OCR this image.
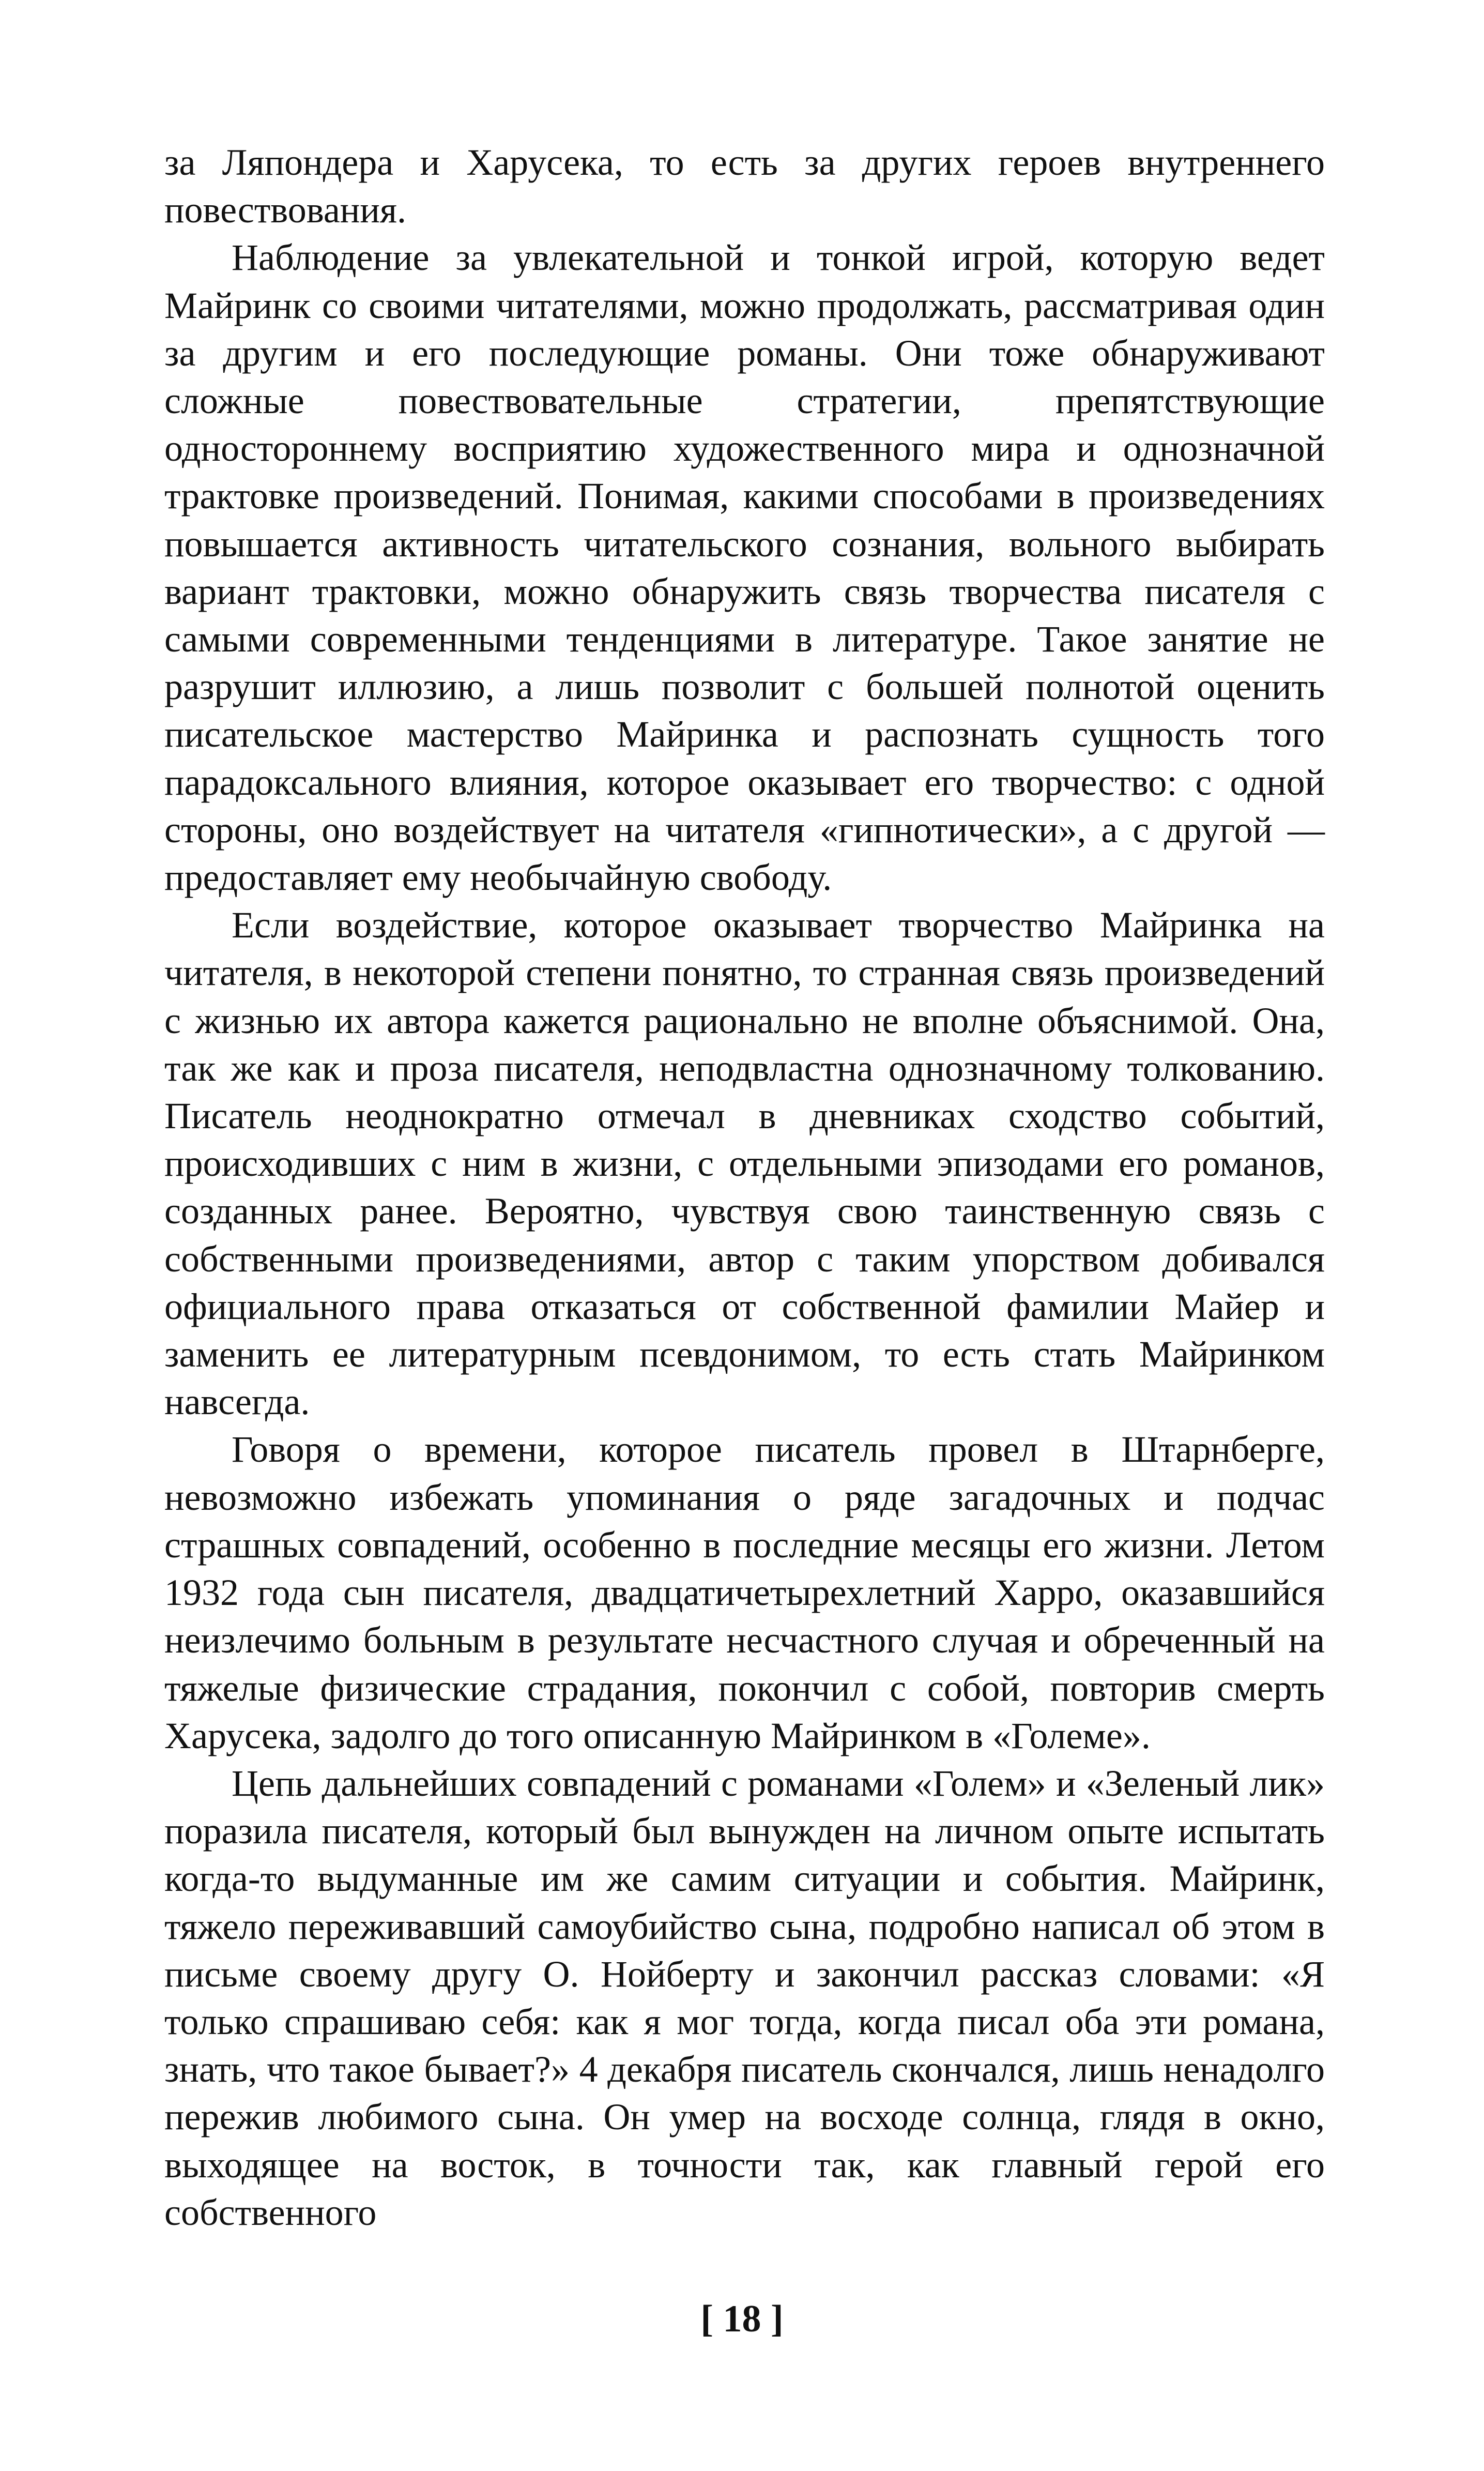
за Ляпондера и Харусека, то есть за других героев внутреннего повествования.

Наблюдение за увлекательной и тонкой игрой, которую ведет Майринк со своими читателями, можно продолжать, рассматривая один за другим и его последующие романы. Они тоже обнаруживают сложные повествовательные стратегии, препятствующие одностороннему восприятию художественного мира и однозначной трактовке произведений. Понимая, какими способами в произведениях повышается активность читательского сознания, вольного выбирать вариант трактовки, можно обнаружить связь творчества писателя с самыми современными тенденциями в литературе. Такое занятие не разрушит иллюзию, а лишь позволит с большей полнотой оценить писательское мастерство Майринка и распознать сущность того парадоксального влияния, которое оказывает его творчество: с одной стороны, оно воздействует на читателя «гипнотически», а с другой — предоставляет ему необычайную свободу.

Если воздействие, которое оказывает творчество Майринка на читателя, в некоторой степени понятно, то странная связь произведений с жизнью их автора кажется рационально не вполне объяснимой. Она, так же как и проза писателя, неподвластна однозначному толкованию. Писатель неоднократно отмечал в дневниках сходство событий, происходивших с ним в жизни, с отдельными эпизодами его романов, созданных ранее. Вероятно, чувствуя свою таинственную связь с собственными произведениями, автор с таким упорством добивался официального права отказаться от собственной фамилии Майер и заменить ее литературным псевдонимом, то есть стать Майринком навсегда.

Говоря о времени, которое писатель провел в Штарнберге, невозможно избежать упоминания о ряде загадочных и подчас страшных совпадений, особенно в последние месяцы его жизни. Летом 1932 года сын писателя, двадцатичетырехлетний Харро, оказавшийся неизлечимо больным в результате несчастного случая и обреченный на тяжелые физические страдания, покончил с собой, повторив смерть Харусека, задолго до того описанную Майринком в «Големе».

Цепь дальнейших совпадений с романами «Голем» и «Зеленый лик» поразила писателя, который был вынужден на личном опыте испытать когда-то выдуманные им же самим ситуации и события. Майринк, тяжело переживавший самоубийство сына, подробно написал об этом в письме своему другу О. Нойберту и закончил рассказ словами: «Я только спрашиваю себя: как я мог тогда, когда писал оба эти романа, знать, что такое бывает?» 4 декабря писатель скончался, лишь ненадолго пережив любимого сына. Он умер на восходе солнца, глядя в окно, выходящее на восток, в точности так, как главный герой его собственного

[ 18 ]
